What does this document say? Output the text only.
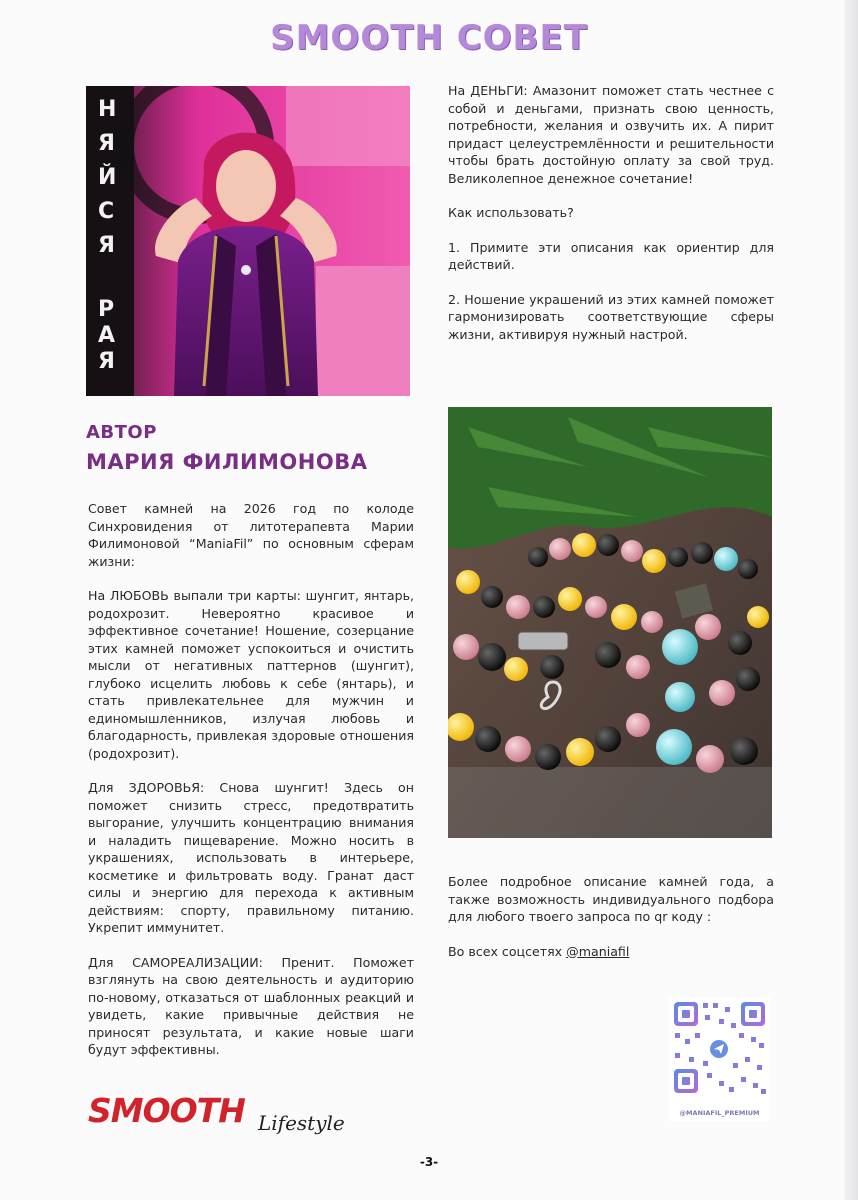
SMOOTH СОВЕТ
Н
Я
Й
С
Я
Р
А
Я
АВТОР
МАРИЯ ФИЛИМОНОВА

Совет камней на 2026 год по колоде Синхровидения от литотерапевта Марии Филимоновой “ManiaFil” по основным сферам жизни:

На ЛЮБОВЬ выпали три карты: шунгит, янтарь, родохрозит. Невероятно красивое и эффективное сочетание! Ношение, созерцание этих камней поможет успокоиться и очистить мысли от негативных паттернов (шунгит), глубоко исцелить любовь к себе (янтарь), и стать привлекательнее для мужчин и единомышленников, излучая любовь и благодарность, привлекая здоровые отношения (родохрозит).

Для ЗДОРОВЬЯ: Снова шунгит! Здесь он поможет снизить стресс, предотвратить выгорание, улучшить концентрацию внимания и наладить пищеварение. Можно носить в украшениях, использовать в интерьере, косметике и фильтровать воду. Гранат даст силы и энергию для перехода к активным действиям: спорту, правильному питанию. Укрепит иммунитет.

Для САМОРЕАЛИЗАЦИИ: Пренит. Поможет взглянуть на свою деятельность и аудиторию по-новому, отказаться от шаблонных реакций и увидеть, какие привычные действия не приносят результата, и какие новые шаги будут эффективны.

На ДЕНЬГИ: Амазонит поможет стать честнее с собой и деньгами, признать свою ценность, потребности, желания и озвучить их. А пирит придаст целеустремлённости и решительности чтобы брать достойную оплату за свой труд. Великолепное денежное сочетание!

Как использовать?

1. Примите эти описания как ориентир для действий.

2. Ношение украшений из этих камней поможет гармонизировать соответствующие сферы жизни, активируя нужный настрой.

Более подробное описание камней года, а также возможность индивидуального подбора для любого твоего запроса по qr коду :

Во всех соцсетях @maniafil

@MANIAFIL_PREMIUM
SMOOTH Lifestyle
-3-
